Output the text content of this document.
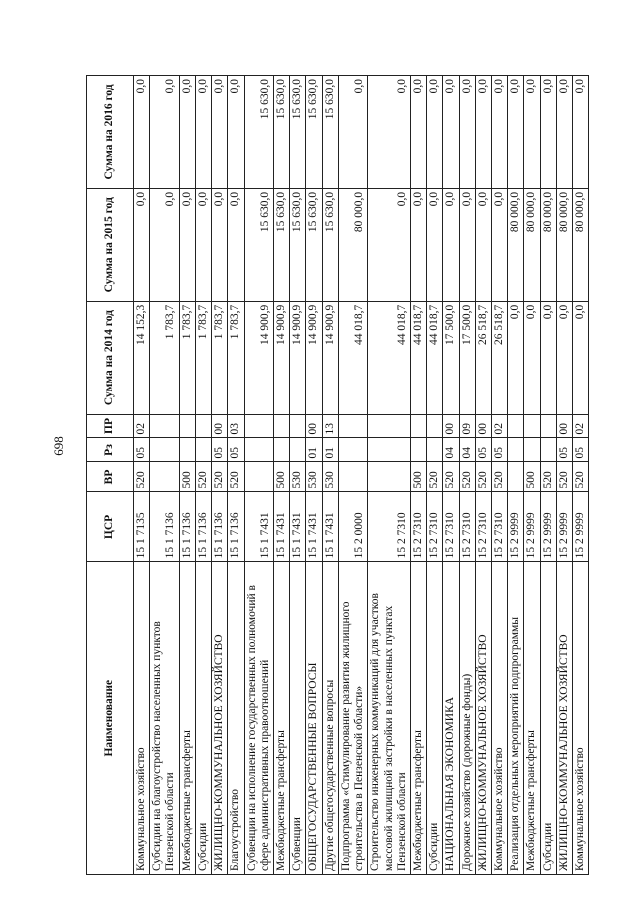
698
Наименование	ЦСР	ВР	Рз	ПР	Сумма на 2014 год	Сумма на 2015 год	Сумма на 2016 год
Коммунальное хозяйство	15 1 7135	520	05	02	14 152,3	0,0	0,0
Субсидии на благоустройство населенных пунктов Пензенской области	15 1 7136				1 783,7	0,0	0,0
Межбюджетные трансферты	15 1 7136	500			1 783,7	0,0	0,0
Субсидии	15 1 7136	520			1 783,7	0,0	0,0
ЖИЛИЩНО-КОММУНАЛЬНОЕ ХОЗЯЙСТВО	15 1 7136	520	05	00	1 783,7	0,0	0,0
Благоустройство	15 1 7136	520	05	03	1 783,7	0,0	0,0
Субвенции на исполнение государственных полномочий в сфере административных правоотношений	15 1 7431				14 900,9	15 630,0	15 630,0
Межбюджетные трансферты	15 1 7431	500			14 900,9	15 630,0	15 630,0
Субвенции	15 1 7431	530			14 900,9	15 630,0	15 630,0
ОБЩЕГОСУДАРСТВЕННЫЕ ВОПРОСЫ	15 1 7431	530	01	00	14 900,9	15 630,0	15 630,0
Другие общегосударственные вопросы	15 1 7431	530	01	13	14 900,9	15 630,0	15 630,0
Подпрограмма «Стимулирование развития жилищного строительства в Пензенской области»	15 2 0000				44 018,7	80 000,0	0,0
Строительство инженерных коммуникаций для участков массовой жилищной застройки в населенных пунктах Пензенской области	15 2 7310				44 018,7	0,0	0,0
Межбюджетные трансферты	15 2 7310	500			44 018,7	0,0	0,0
Субсидии	15 2 7310	520			44 018,7	0,0	0,0
НАЦИОНАЛЬНАЯ ЭКОНОМИКА	15 2 7310	520	04	00	17 500,0	0,0	0,0
Дорожное хозяйство (дорожные фонды)	15 2 7310	520	04	09	17 500,0	0,0	0,0
ЖИЛИЩНО-КОММУНАЛЬНОЕ ХОЗЯЙСТВО	15 2 7310	520	05	00	26 518,7	0,0	0,0
Коммунальное хозяйство	15 2 7310	520	05	02	26 518,7	0,0	0,0
Реализация отдельных мероприятий подпрограммы	15 2 9999				0,0	80 000,0	0,0
Межбюджетные трансферты	15 2 9999	500			0,0	80 000,0	0,0
Субсидии	15 2 9999	520			0,0	80 000,0	0,0
ЖИЛИЩНО-КОММУНАЛЬНОЕ ХОЗЯЙСТВО	15 2 9999	520	05	00	0,0	80 000,0	0,0
Коммунальное хозяйство	15 2 9999	520	05	02	0,0	80 000,0	0,0
